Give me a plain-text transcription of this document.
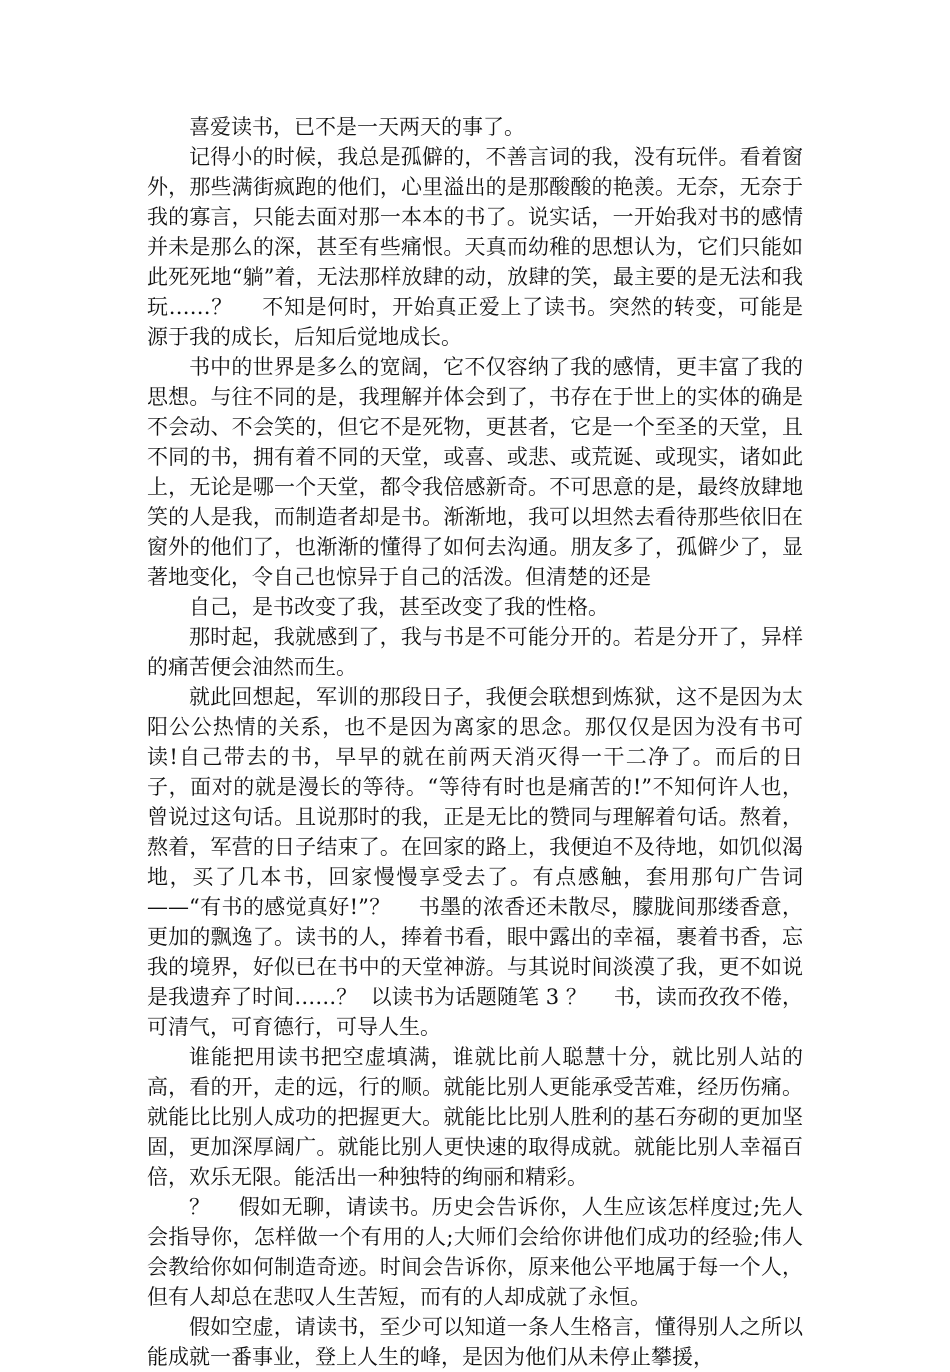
喜爱读书，已不是一天两天的事了。

记得小的时候，我总是孤僻的，不善言词的我，没有玩伴。看着窗外，那些满街疯跑的他们，心里溢出的是那酸酸的艳羡。无奈，无奈于我的寡言，只能去面对那一本本的书了。说实话，一开始我对书的感情并未是那么的深，甚至有些痛恨。天真而幼稚的思想认为，它们只能如此死死地“躺”着，无法那样放肆的动，放肆的笑，最主要的是无法和我玩……？    不知是何时，开始真正爱上了读书。突然的转变，可能是源于我的成长，后知后觉地成长。

书中的世界是多么的宽阔，它不仅容纳了我的感情，更丰富了我的思想。与往不同的是，我理解并体会到了，书存在于世上的实体的确是不会动、不会笑的，但它不是死物，更甚者，它是一个至圣的天堂，且不同的书，拥有着不同的天堂，或喜、或悲、或荒诞、或现实，诸如此上，无论是哪一个天堂，都令我倍感新奇。不可思意的是，最终放肆地笑的人是我，而制造者却是书。渐渐地，我可以坦然去看待那些依旧在窗外的他们了，也渐渐的懂得了如何去沟通。朋友多了，孤僻少了，显著地变化，令自己也惊异于自己的活泼。但清楚的还是

自己，是书改变了我，甚至改变了我的性格。

那时起，我就感到了，我与书是不可能分开的。若是分开了，异样的痛苦便会油然而生。

就此回想起，军训的那段日子，我便会联想到炼狱，这不是因为太阳公公热情的关系，也不是因为离家的思念。那仅仅是因为没有书可读!自己带去的书，早早的就在前两天消灭得一干二净了。而后的日子，面对的就是漫长的等待。“等待有时也是痛苦的!”不知何许人也，曾说过这句话。且说那时的我，正是无比的赞同与理解着句话。熬着，熬着，军营的日子结束了。在回家的路上，我便迫不及待地，如饥似渴地，买了几本书，回家慢慢享受去了。有点感触，套用那句广告词——“有书的感觉真好!”？    书墨的浓香还未散尽，朦胧间那缕香意，更加的飘逸了。读书的人，捧着书看，眼中露出的幸福，裹着书香，忘我的境界，好似已在书中的天堂神游。与其说时间淡漠了我，更不如说是我遗弃了时间……？  以读书为话题随笔 3 ？    书，读而孜孜不倦，可清气，可育德行，可导人生。

谁能把用读书把空虚填满，谁就比前人聪慧十分，就比别人站的高，看的开，走的远，行的顺。就能比别人更能承受苦难，经历伤痛。就能比比别人成功的把握更大。就能比比别人胜利的基石夯砌的更加坚固，更加深厚阔广。就能比别人更快速的取得成就。就能比别人幸福百倍，欢乐无限。能活出一种独特的绚丽和精彩。

？    假如无聊，请读书。历史会告诉你，人生应该怎样度过;先人会指导你，怎样做一个有用的人;大师们会给你讲他们成功的经验;伟人会教给你如何制造奇迹。时间会告诉你，原来他公平地属于每一个人，但有人却总在悲叹人生苦短，而有的人却成就了永恒。

假如空虚，请读书，至少可以知道一条人生格言，懂得别人之所以能成就一番事业，登上人生的峰，是因为他们从未停止攀援，
